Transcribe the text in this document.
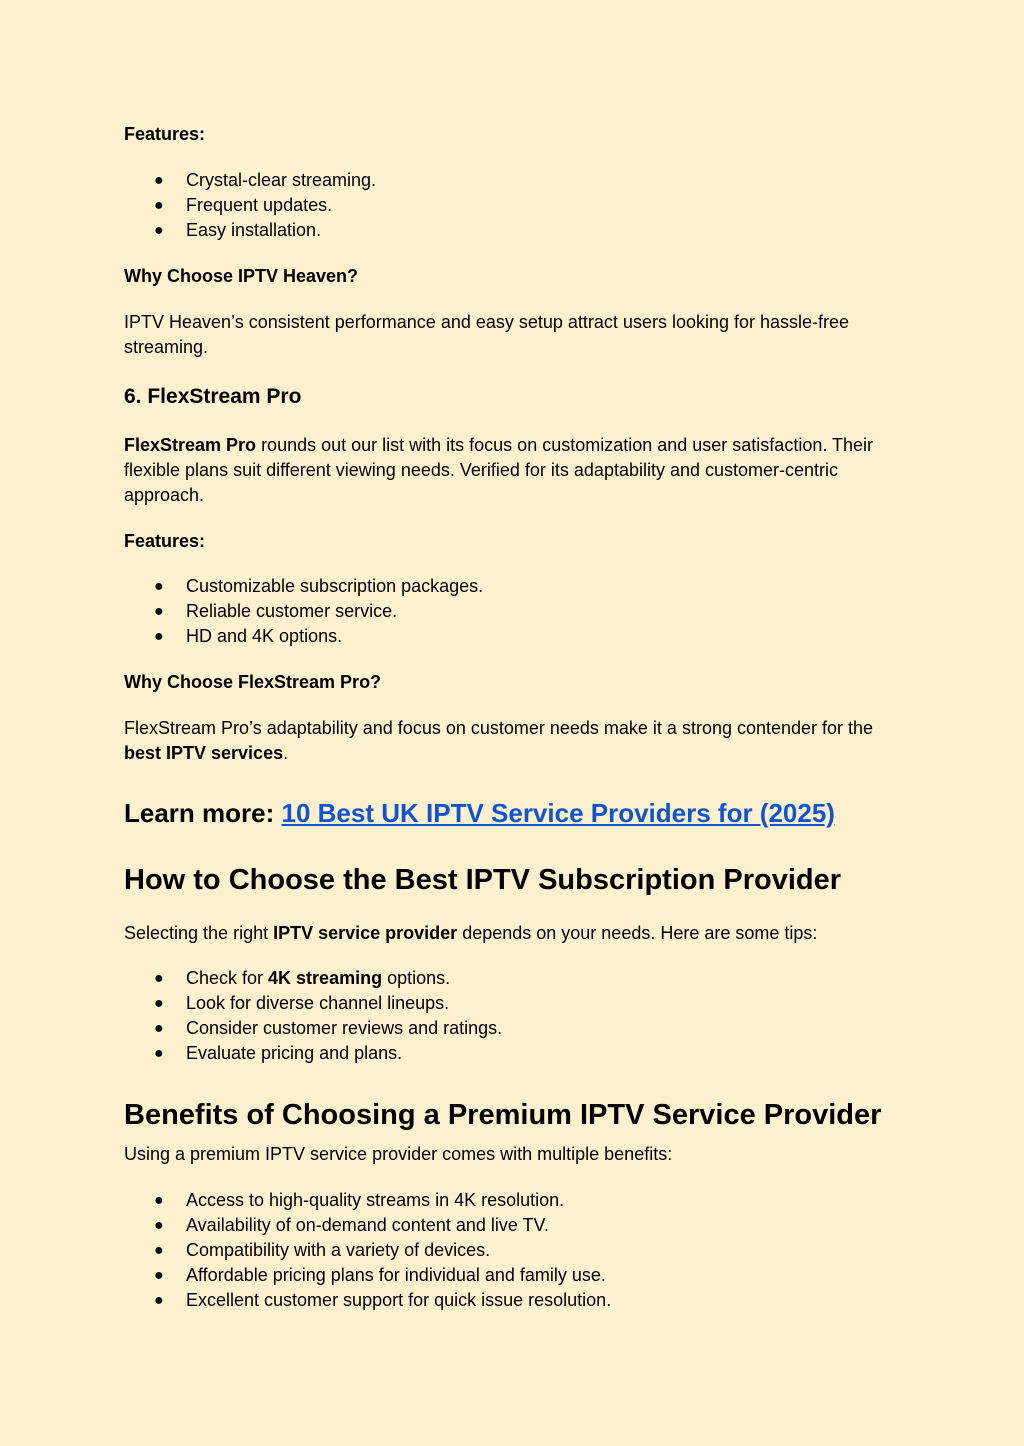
Features:

● Crystal-clear streaming.
● Frequent updates.
● Easy installation.

Why Choose IPTV Heaven?

IPTV Heaven’s consistent performance and easy setup attract users looking for hassle-free streaming.

6. FlexStream Pro

FlexStream Pro rounds out our list with its focus on customization and user satisfaction. Their flexible plans suit different viewing needs. Verified for its adaptability and customer-centric approach.

Features:

● Customizable subscription packages.
● Reliable customer service.
● HD and 4K options.

Why Choose FlexStream Pro?

FlexStream Pro’s adaptability and focus on customer needs make it a strong contender for the best IPTV services.

Learn more: 10 Best UK IPTV Service Providers for (2025)

How to Choose the Best IPTV Subscription Provider

Selecting the right IPTV service provider depends on your needs. Here are some tips:

● Check for 4K streaming options.
● Look for diverse channel lineups.
● Consider customer reviews and ratings.
● Evaluate pricing and plans.

Benefits of Choosing a Premium IPTV Service Provider

Using a premium IPTV service provider comes with multiple benefits:

● Access to high-quality streams in 4K resolution.
● Availability of on-demand content and live TV.
● Compatibility with a variety of devices.
● Affordable pricing plans for individual and family use.
● Excellent customer support for quick issue resolution.
